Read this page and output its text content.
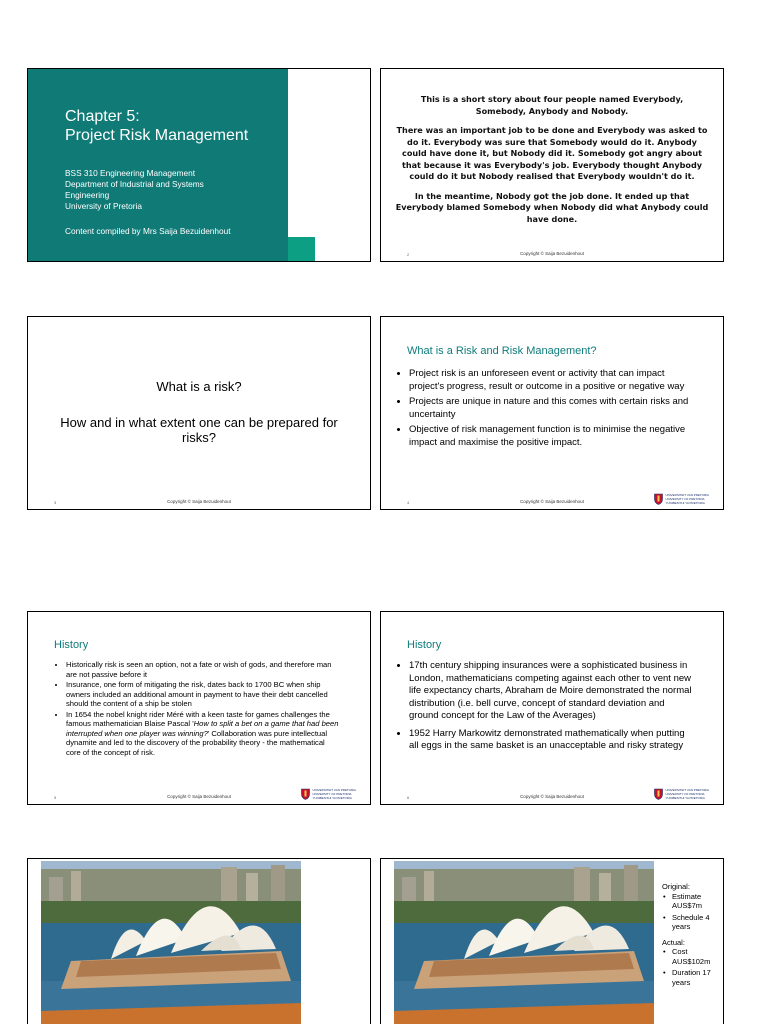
Chapter 5:
Project Risk Management
BSS 310 Engineering Management
Department of Industrial and Systems
Engineering
University of Pretoria
Content compiled by Mrs Saija Bezuidenhout

This is a short story about four people named Everybody, Somebody, Anybody and Nobody.

There was an important job to be done and Everybody was asked to do it. Everybody was sure that Somebody would do it. Anybody could have done it, but Nobody did it. Somebody got angry about that because it was Everybody's job. Everybody thought Anybody could do it but Nobody realised that Everybody wouldn't do it.

In the meantime, Nobody got the job done. It ended up that Everybody blamed Somebody when Nobody did what Anybody could have done.

2	Copyright © Saija Bezuidenhout
What is a risk?
How and in what extent one can be prepared for risks?
3	Copyright © Saija Bezuidenhout
What is a Risk and Risk Management?
• Project risk is an unforeseen event or activity that can impact project's progress, result or outcome in a positive or negative way
• Projects are unique in nature and this comes with certain risks and uncertainty
• Objective of risk management function is to minimise the negative impact and maximise the positive impact.
4	Copyright © Saija Bezuidenhout
UNIVERSITEIT VAN PRETORIA
UNIVERSITY OF PRETORIA
YUNIBESITHI YA PRETORIA
History
• Historically risk is seen an option, not a fate or wish of gods, and therefore man are not passive before it
• Insurance, one form of mitigating the risk, dates back to 1700 BC when ship owners included an additional amount in payment to have their debt cancelled should the content of a ship be stolen
• In 1654 the nobel knight rider Méré with a keen taste for games challenges the famous mathematician Blaise Pascal 'How to split a bet on a game that had been interrupted when one player was winning?' Collaboration was pure intellectual dynamite and led to the discovery of the probability theory - the mathematical core of the concept of risk.
5	Copyright © Saija Bezuidenhout
UNIVERSITEIT VAN PRETORIA
UNIVERSITY OF PRETORIA
YUNIBESITHI YA PRETORIA
History
• 17th century shipping insurances were a sophisticated business in London, mathematicians competing against each other to vent new life expectancy charts, Abraham de Moire demonstrated the normal distribution (i.e. bell curve, concept of standard deviation and ground concept for the Law of the Averages)
• 1952 Harry Markowitz demonstrated mathematically when putting all eggs in the same basket is an unacceptable and risky strategy
6	Copyright © Saija Bezuidenhout
UNIVERSITEIT VAN PRETORIA
UNIVERSITY OF PRETORIA
YUNIBESITHI YA PRETORIA
Original:
• Estimate AUS$7m
• Schedule 4 years
Actual:
• Cost AUS$102m
• Duration 17 years
